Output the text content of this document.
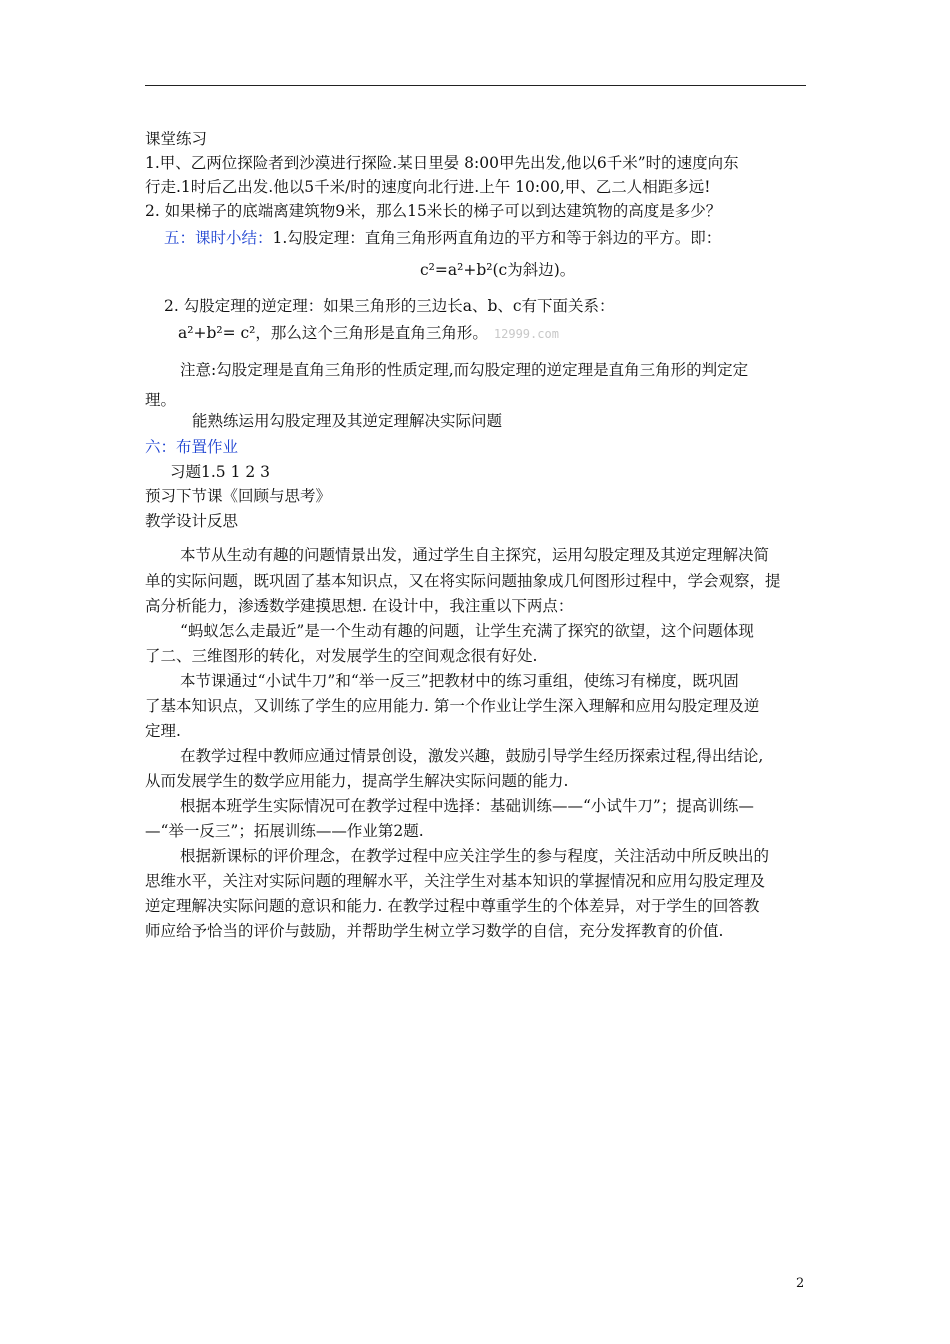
课堂练习
1.甲、乙两位探险者到沙漠进行探险.某日里晏 8:00甲先出发,他以6千米”时的速度向东
行走.1时后乙出发.他以5千米/时的速度向北行进.上午 10:00,甲、乙二人相距多远!
2. 如果梯子的底端离建筑物9米，那么15米长的梯子可以到达建筑物的高度是多少？
五：课时小结：1.勾股定理：直角三角形两直角边的平方和等于斜边的平方。即：
c²=a²+b²(c为斜边)。
2. 勾股定理的逆定理：如果三角形的三边长a、b、c有下面关系：
a²+b²= c²，那么这个三角形是直角三角形。 12999.com
注意:勾股定理是直角三角形的性质定理,而勾股定理的逆定理是直角三角形的判定定
理。
能熟练运用勾股定理及其逆定理解决实际问题
六：布置作业
习题1.5 1 2 3
预习下节课《回顾与思考》
教学设计反思
本节从生动有趣的问题情景出发，通过学生自主探究，运用勾股定理及其逆定理解决简
单的实际问题，既巩固了基本知识点，又在将实际问题抽象成几何图形过程中，学会观察，提
高分析能力，渗透数学建摸思想. 在设计中，我注重以下两点：
“蚂蚁怎么走最近”是一个生动有趣的问题，让学生充满了探究的欲望，这个问题体现
了二、三维图形的转化，对发展学生的空间观念很有好处.
本节课通过“小试牛刀”和“举一反三”把教材中的练习重组，使练习有梯度，既巩固
了基本知识点，又训练了学生的应用能力. 第一个作业让学生深入理解和应用勾股定理及逆
定理.
在教学过程中教师应通过情景创设，激发兴趣，鼓励引导学生经历探索过程,得出结论,
从而发展学生的数学应用能力，提高学生解决实际问题的能力.
根据本班学生实际情况可在教学过程中选择：基础训练——“小试牛刀”；提高训练—
—“举一反三”；拓展训练——作业第2题.
根据新课标的评价理念，在教学过程中应关注学生的参与程度，关注活动中所反映出的
思维水平，关注对实际问题的理解水平，关注学生对基本知识的掌握情况和应用勾股定理及
逆定理解决实际问题的意识和能力. 在教学过程中尊重学生的个体差异，对于学生的回答教
师应给予恰当的评价与鼓励，并帮助学生树立学习数学的自信，充分发挥教育的价值.
2
